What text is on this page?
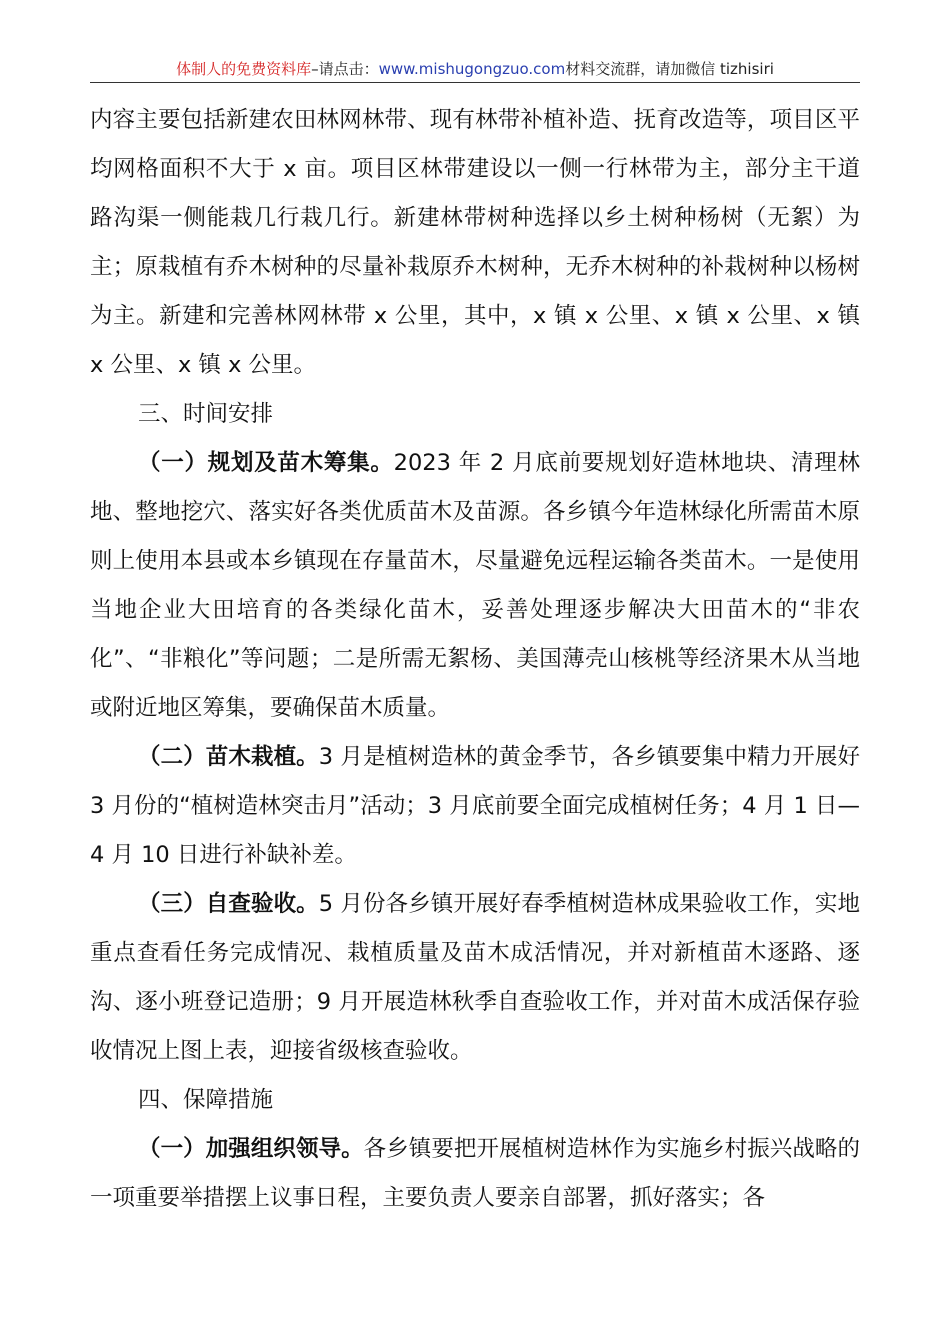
体制人的免费资料库–请点击：www.mishugongzuo.com材料交流群，请加微信 tizhisiri

内容主要包括新建农田林网林带、现有林带补植补造、抚育改造等，项目区平均网格面积不大于 x 亩。项目区林带建设以一侧一行林带为主，部分主干道路沟渠一侧能栽几行栽几行。新建林带树种选择以乡土树种杨树（无絮）为主；原栽植有乔木树种的尽量补栽原乔木树种，无乔木树种的补栽树种以杨树为主。新建和完善林网林带 x 公里，其中，x 镇 x 公里、x 镇 x 公里、x 镇 x 公里、x 镇 x 公里。

三、时间安排

（一）规划及苗木筹集。2023 年 2 月底前要规划好造林地块、清理林地、整地挖穴、落实好各类优质苗木及苗源。各乡镇今年造林绿化所需苗木原则上使用本县或本乡镇现在存量苗木，尽量避免远程运输各类苗木。一是使用当地企业大田培育的各类绿化苗木，妥善处理逐步解决大田苗木的“非农化”、“非粮化”等问题；二是所需无絮杨、美国薄壳山核桃等经济果木从当地或附近地区筹集，要确保苗木质量。

（二）苗木栽植。3 月是植树造林的黄金季节，各乡镇要集中精力开展好 3 月份的“植树造林突击月”活动；3 月底前要全面完成植树任务；4 月 1 日—4 月 10 日进行补缺补差。

（三）自查验收。5 月份各乡镇开展好春季植树造林成果验收工作，实地重点查看任务完成情况、栽植质量及苗木成活情况，并对新植苗木逐路、逐沟、逐小班登记造册；9 月开展造林秋季自查验收工作，并对苗木成活保存验收情况上图上表，迎接省级核查验收。

四、保障措施

（一）加强组织领导。各乡镇要把开展植树造林作为实施乡村振兴战略的一项重要举措摆上议事日程，主要负责人要亲自部署，抓好落实；各
